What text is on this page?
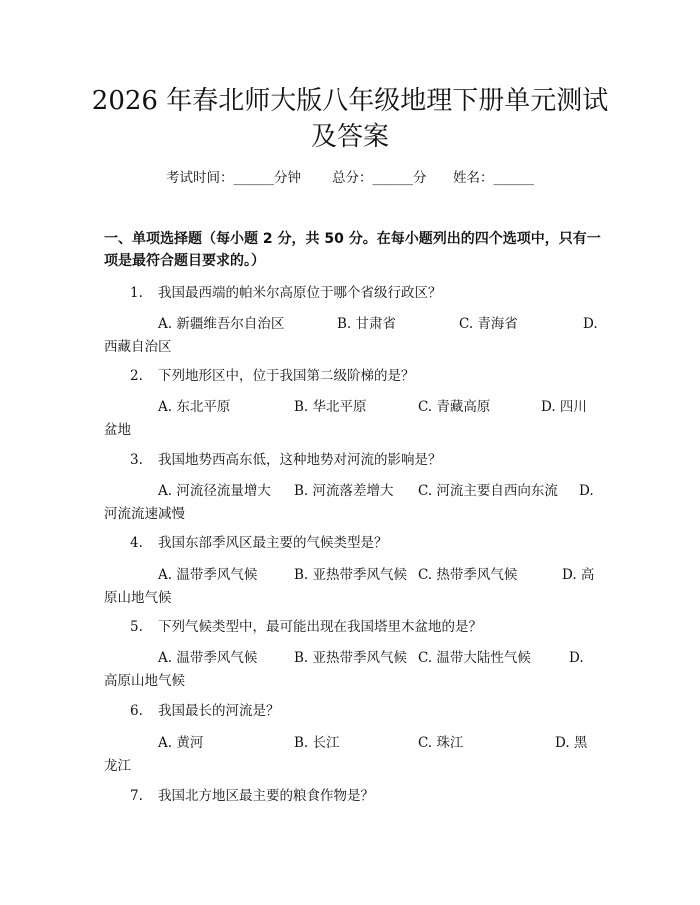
2026 年春北师大版八年级地理下册单元测试
及答案
考试时间：______分钟 总分：______分 姓名：______
一、单项选择题（每小题 2 分，共 50 分。在每小题列出的四个选项中，只有一项是最符合题目要求的。）
1. 我国最西端的帕米尔高原位于哪个省级行政区？
A. 新疆维吾尔自治区	B. 甘肃省	C. 青海省	D.
西藏自治区
2. 下列地形区中，位于我国第二级阶梯的是？
A. 东北平原	B. 华北平原	C. 青藏高原	D. 四川
盆地
3. 我国地势西高东低，这种地势对河流的影响是？
A. 河流径流量增大 B. 河流落差增大 C. 河流主要自西向东流 D.
河流流速减慢
4. 我国东部季风区最主要的气候类型是？
A. 温带季风气候	B. 亚热带季风气候 C. 热带季风气候	D. 高
原山地气候
5. 下列气候类型中，最可能出现在我国塔里木盆地的是？
A. 温带季风气候	B. 亚热带季风气候 C. 温带大陆性气候	D.
高原山地气候
6. 我国最长的河流是？
A. 黄河	B. 长江	C. 珠江	D. 黑
龙江
7. 我国北方地区最主要的粮食作物是？
